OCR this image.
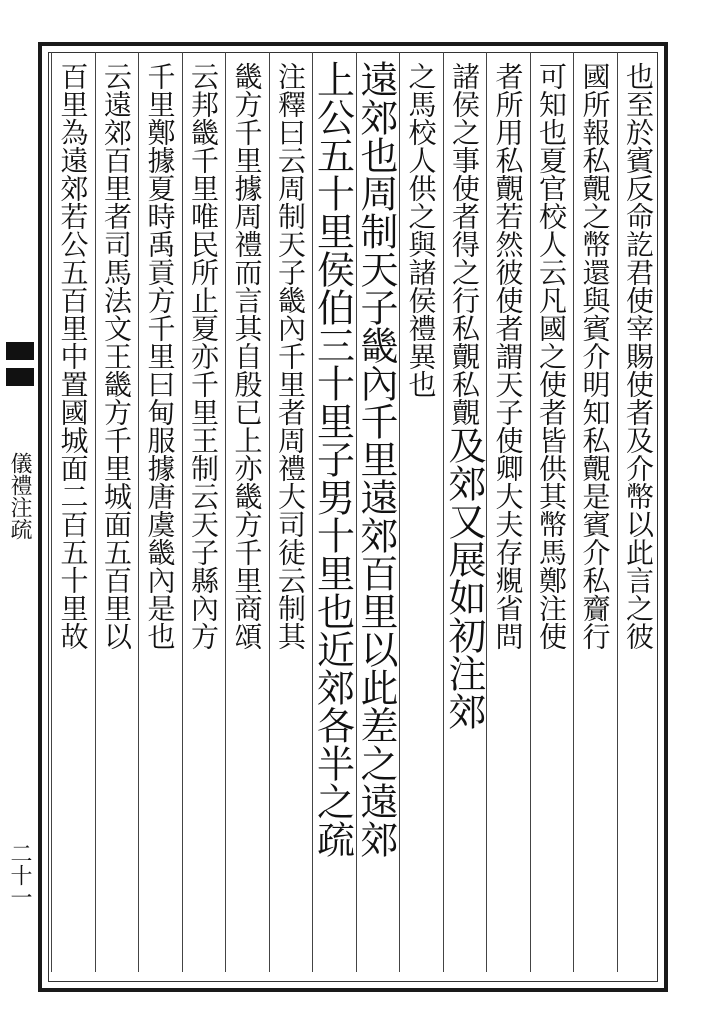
儀禮注疏
二十一
也至於賓反命訖君使宰賜使者及介幣以此言之彼
國所報私覿之幣還與賓介明知私覿是賓介私齎行
可知也夏官校人云凡國之使者皆供其幣馬鄭注使
者所用私覿若然彼使者謂天子使卿大夫存覜省問
諸侯之事使者得之行私覿私覿及郊又展如初注郊
之馬校人供之與諸侯禮異也
遠郊也周制天子畿內千里遠郊百里以此差之遠郊
上公五十里侯伯三十里子男十里也近郊各半之疏
注釋曰云周制天子畿內千里者周禮大司徒云制其
畿方千里據周禮而言其自殷已上亦畿方千里商頌
云邦畿千里唯民所止夏亦千里王制云天子縣內方
千里鄭據夏時禹貢方千里曰甸服據唐虞畿內是也
云遠郊百里者司馬法文王畿方千里城面五百里以
百里為遠郊若公五百里中置國城面二百五十里故
